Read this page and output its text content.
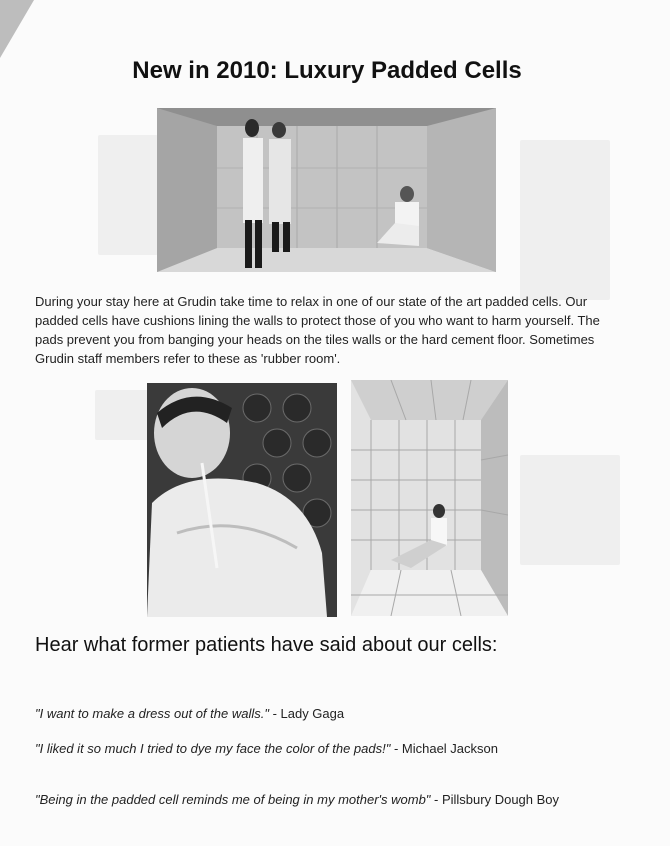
New in 2010: Luxury Padded Cells

During your stay here at Grudin take time to relax in one of our state of the art padded cells. Our padded cells have cushions lining the walls to protect those of you who want to harm yourself. The pads prevent you from banging your heads on the tiles walls or the hard cement floor. Sometimes Grudin staff members refer to these as 'rubber room'.

Hear what former patients have said about our cells:

"I want to make a dress out of the walls." - Lady Gaga

"I liked it so much I tried to dye my face the color of the pads!" - Michael Jackson

"Being in the padded cell reminds me of being in my mother's womb" - Pillsbury Dough Boy
